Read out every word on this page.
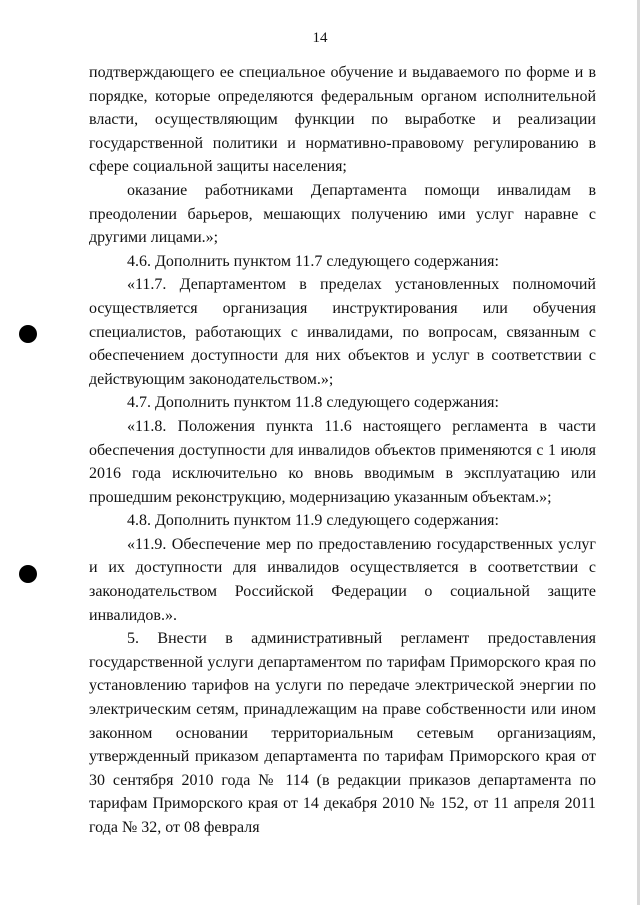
14

подтверждающего ее специальное обучение и выдаваемого по форме и в порядке, которые определяются федеральным органом исполнительной власти, осуществляющим функции по выработке и реализации государственной политики и нормативно-правовому регулированию в сфере социальной защиты населения;

оказание работниками Департамента помощи инвалидам в преодолении барьеров, мешающих получению ими услуг наравне с другими лицами.»;

4.6. Дополнить пунктом 11.7 следующего содержания:

«11.7. Департаментом в пределах установленных полномочий осуществляется организация инструктирования или обучения специалистов, работающих с инвалидами, по вопросам, связанным с обеспечением доступности для них объектов и услуг в соответствии с действующим законодательством.»;

4.7. Дополнить пунктом 11.8 следующего содержания:

«11.8. Положения пункта 11.6 настоящего регламента в части обеспечения доступности для инвалидов объектов применяются с 1 июля 2016 года исключительно ко вновь вводимым в эксплуатацию или прошедшим реконструкцию, модернизацию указанным объектам.»;

4.8. Дополнить пунктом 11.9 следующего содержания:

«11.9. Обеспечение мер по предоставлению государственных услуг и их доступности для инвалидов осуществляется в соответствии с законодательством Российской Федерации о социальной защите инвалидов.».

5. Внести в административный регламент предоставления государственной услуги департаментом по тарифам Приморского края по установлению тарифов на услуги по передаче электрической энергии по электрическим сетям, принадлежащим на праве собственности или ином законном основании территориальным сетевым организациям, утвержденный приказом департамента по тарифам Приморского края от 30 сентября 2010 года № 114 (в редакции приказов департамента по тарифам Приморского края от 14 декабря 2010 № 152, от 11 апреля 2011 года № 32, от 08 февраля
